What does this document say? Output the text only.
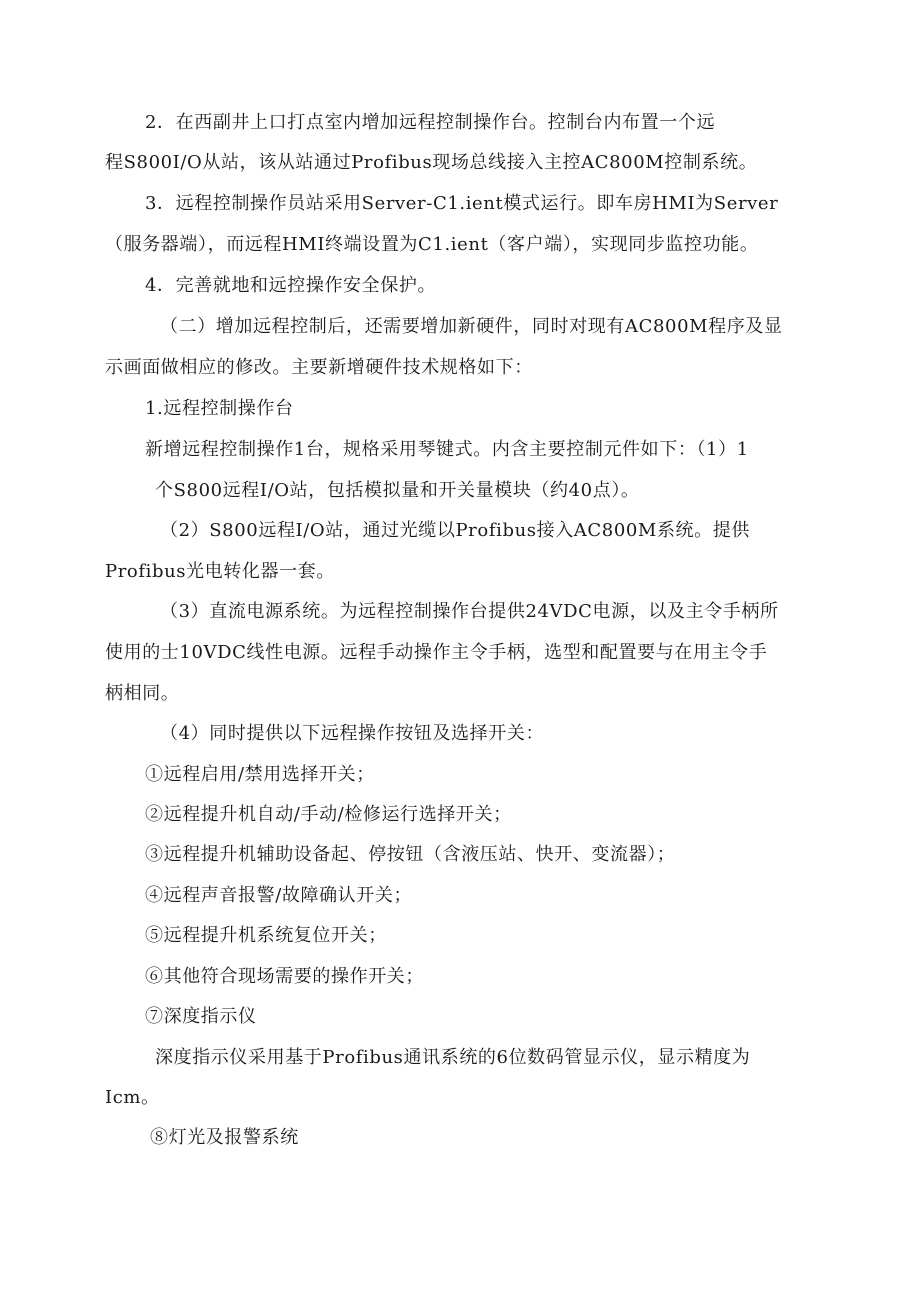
2．在西副井上口打点室内增加远程控制操作台。控制台内布置一个远
程S800I/O从站，该从站通过Profibus现场总线接入主控AC800M控制系统。
3．远程控制操作员站采用Server-C1.ient模式运行。即车房HMI为Server
（服务器端），而远程HMI终端设置为C1.ient（客户端），实现同步监控功能。
4．完善就地和远控操作安全保护。
（二）增加远程控制后，还需要增加新硬件，同时对现有AC800M程序及显
示画面做相应的修改。主要新增硬件技术规格如下：
1.远程控制操作台
新增远程控制操作1台，规格采用琴键式。内含主要控制元件如下：（1）1
个S800远程I/O站，包括模拟量和开关量模块（约40点）。
（2）S800远程I/O站，通过光缆以Profibus接入AC800M系统。提供
Profibus光电转化器一套。
（3）直流电源系统。为远程控制操作台提供24VDC电源，以及主令手柄所
使用的士10VDC线性电源。远程手动操作主令手柄，选型和配置要与在用主令手
柄相同。
（4）同时提供以下远程操作按钮及选择开关：
①远程启用/禁用选择开关；
②远程提升机自动/手动/检修运行选择开关；
③远程提升机辅助设备起、停按钮（含液压站、快开、变流器）；
④远程声音报警/故障确认开关；
⑤远程提升机系统复位开关；
⑥其他符合现场需要的操作开关；
⑦深度指示仪
深度指示仪采用基于Profibus通讯系统的6位数码管显示仪，显示精度为
Icm。
⑧灯光及报警系统
